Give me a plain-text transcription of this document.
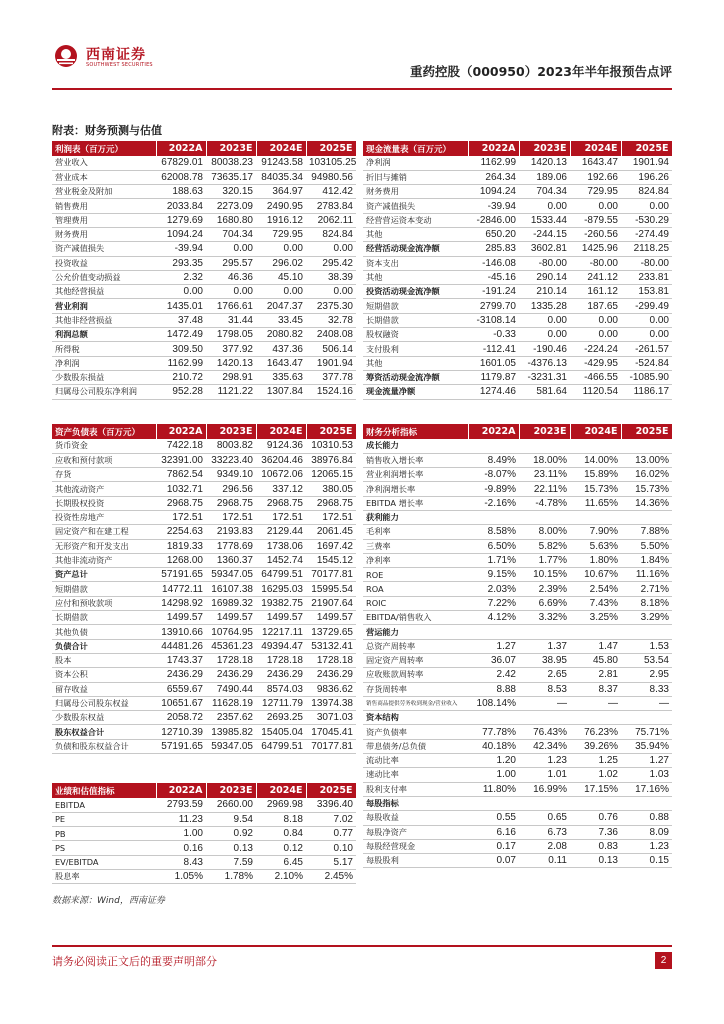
西南证券
SOUTHWEST SECURITIES	重药控股（000950）2023年半年报预告点评
附表：财务预测与估值
利润表（百万元）	2022A	2023E	2024E	2025E
营业收入	67829.01	80038.23	91243.58	103105.25
营业成本	62008.78	73635.17	84035.34	94980.56
营业税金及附加	188.63	320.15	364.97	412.42
销售费用	2033.84	2273.09	2490.95	2783.84
管理费用	1279.69	1680.80	1916.12	2062.11
财务费用	1094.24	704.34	729.95	824.84
资产减值损失	-39.94	0.00	0.00	0.00
投资收益	293.35	295.57	296.02	295.42
公允价值变动损益	2.32	46.36	45.10	38.39
其他经营损益	0.00	0.00	0.00	0.00
营业利润	1435.01	1766.61	2047.37	2375.30
其他非经营损益	37.48	31.44	33.45	32.78
利润总额	1472.49	1798.05	2080.82	2408.08
所得税	309.50	377.92	437.36	506.14
净利润	1162.99	1420.13	1643.47	1901.94
少数股东损益	210.72	298.91	335.63	377.78
归属母公司股东净利润	952.28	1121.22	1307.84	1524.16
现金流量表（百万元）	2022A	2023E	2024E	2025E
净利润	1162.99	1420.13	1643.47	1901.94
折旧与摊销	264.34	189.06	192.66	196.26
财务费用	1094.24	704.34	729.95	824.84
资产减值损失	-39.94	0.00	0.00	0.00
经营营运资本变动	-2846.00	1533.44	-879.55	-530.29
其他	650.20	-244.15	-260.56	-274.49
经营活动现金流净额	285.83	3602.81	1425.96	2118.25
资本支出	-146.08	-80.00	-80.00	-80.00
其他	-45.16	290.14	241.12	233.81
投资活动现金流净额	-191.24	210.14	161.12	153.81
短期借款	2799.70	1335.28	187.65	-299.49
长期借款	-3108.14	0.00	0.00	0.00
股权融资	-0.33	0.00	0.00	0.00
支付股利	-112.41	-190.46	-224.24	-261.57
其他	1601.05	-4376.13	-429.95	-524.84
筹资活动现金流净额	1179.87	-3231.31	-466.55	-1085.90
现金流量净额	1274.46	581.64	1120.54	1186.17
资产负债表（百万元）	2022A	2023E	2024E	2025E
货币资金	7422.18	8003.82	9124.36	10310.53
应收和预付款项	32391.00	33223.40	36204.46	38976.84
存货	7862.54	9349.10	10672.06	12065.15
其他流动资产	1032.71	296.56	337.12	380.05
长期股权投资	2968.75	2968.75	2968.75	2968.75
投资性房地产	172.51	172.51	172.51	172.51
固定资产和在建工程	2254.63	2193.83	2129.44	2061.45
无形资产和开发支出	1819.33	1778.69	1738.06	1697.42
其他非流动资产	1268.00	1360.37	1452.74	1545.12
资产总计	57191.65	59347.05	64799.51	70177.81
短期借款	14772.11	16107.38	16295.03	15995.54
应付和预收款项	14298.92	16989.32	19382.75	21907.64
长期借款	1499.57	1499.57	1499.57	1499.57
其他负债	13910.66	10764.95	12217.11	13729.65
负债合计	44481.26	45361.23	49394.47	53132.41
股本	1743.37	1728.18	1728.18	1728.18
资本公积	2436.29	2436.29	2436.29	2436.29
留存收益	6559.67	7490.44	8574.03	9836.62
归属母公司股东权益	10651.67	11628.19	12711.79	13974.38
少数股东权益	2058.72	2357.62	2693.25	3071.03
股东权益合计	12710.39	13985.82	15405.04	17045.41
负债和股东权益合计	57191.65	59347.05	64799.51	70177.81
财务分析指标	2022A	2023E	2024E	2025E
成长能力				
销售收入增长率	8.49%	18.00%	14.00%	13.00%
营业利润增长率	-8.07%	23.11%	15.89%	16.02%
净利润增长率	-9.89%	22.11%	15.73%	15.73%
EBITDA 增长率	-2.16%	-4.78%	11.65%	14.36%
获利能力				
毛利率	8.58%	8.00%	7.90%	7.88%
三费率	6.50%	5.82%	5.63%	5.50%
净利率	1.71%	1.77%	1.80%	1.84%
ROE	9.15%	10.15%	10.67%	11.16%
ROA	2.03%	2.39%	2.54%	2.71%
ROIC	7.22%	6.69%	7.43%	8.18%
EBITDA/销售收入	4.12%	3.32%	3.25%	3.29%
营运能力				
总资产周转率	1.27	1.37	1.47	1.53
固定资产周转率	36.07	38.95	45.80	53.54
应收账款周转率	2.42	2.65	2.81	2.95
存货周转率	8.88	8.53	8.37	8.33
销售商品提供劳务收到现金/营业收入	108.14%	—	—	—
资本结构				
资产负债率	77.78%	76.43%	76.23%	75.71%
带息债务/总负债	40.18%	42.34%	39.26%	35.94%
流动比率	1.20	1.23	1.25	1.27
速动比率	1.00	1.01	1.02	1.03
股利支付率	11.80%	16.99%	17.15%	17.16%
每股指标				
每股收益	0.55	0.65	0.76	0.88
每股净资产	6.16	6.73	7.36	8.09
每股经营现金	0.17	2.08	0.83	1.23
每股股利	0.07	0.11	0.13	0.15
业绩和估值指标	2022A	2023E	2024E	2025E
EBITDA	2793.59	2660.00	2969.98	3396.40
PE	11.23	9.54	8.18	7.02
PB	1.00	0.92	0.84	0.77
PS	0.16	0.13	0.12	0.10
EV/EBITDA	8.43	7.59	6.45	5.17
股息率	1.05%	1.78%	2.10%	2.45%
数据来源：Wind，西南证券
请务必阅读正文后的重要声明部分	2
